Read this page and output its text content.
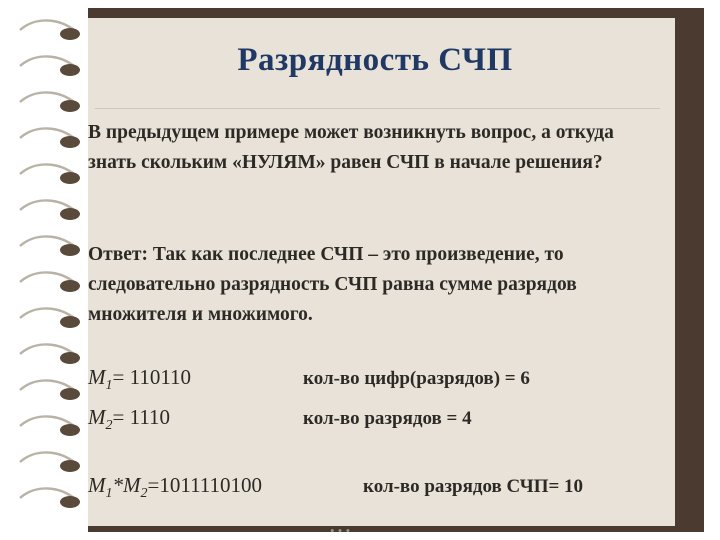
Разрядность СЧП
В предыдущем примере может возникнуть вопрос, а откуда знать скольким «НУЛЯМ» равен СЧП в начале решения?
Ответ: Так как последнее СЧП – это произведение, то следовательно разрядность СЧП равна сумме разрядов множителя и множимого.
$M_1= 110110$	кол-во цифр(разрядов) = 6
$M_2= 1110$	кол-во разрядов = 4
$M_1*M_2=1011110100$	кол-во разрядов СЧП= 10
• • •
